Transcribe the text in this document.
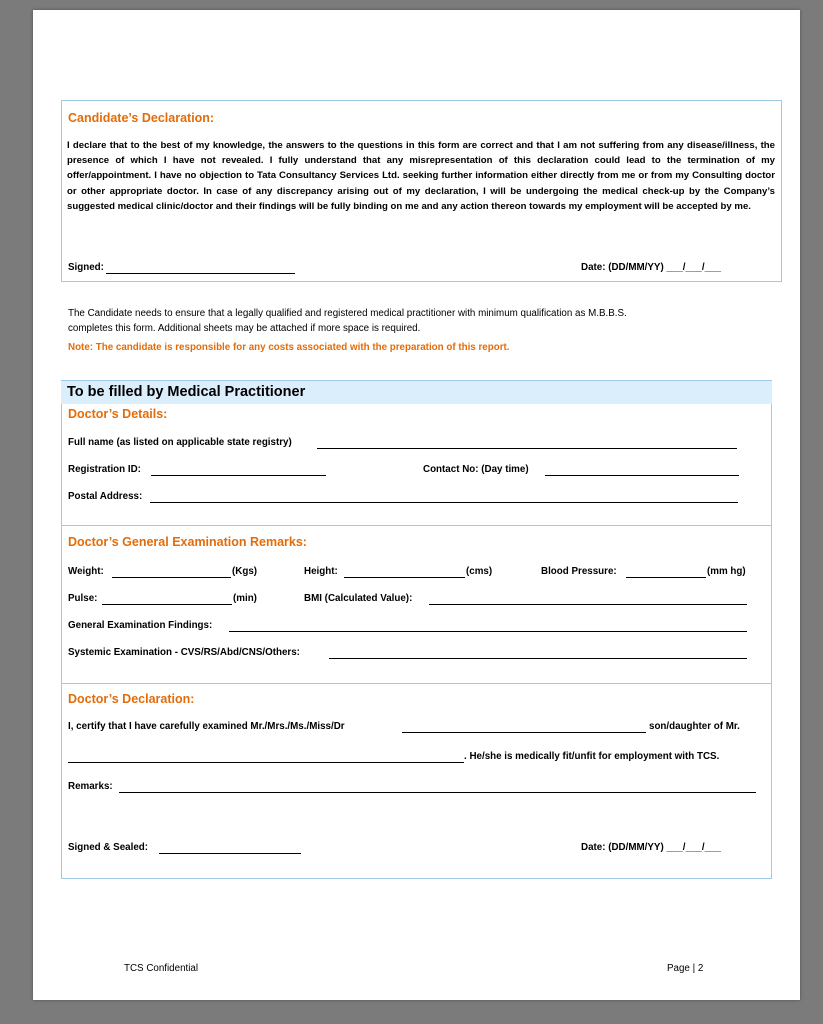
Candidate’s Declaration:
I declare that to the best of my knowledge, the answers to the questions in this form are correct and that I am not suffering from any disease/illness, the presence of which I have not revealed. I fully understand that any misrepresentation of this declaration could lead to the termination of my offer/appointment. I have no objection to Tata Consultancy Services Ltd. seeking further information either directly from me or from my Consulting doctor or other appropriate doctor. In case of any discrepancy arising out of my declaration, I will be undergoing the medical check-up by the Company’s suggested medical clinic/doctor and their findings will be fully binding on me and any action thereon towards my employment will be accepted by me.
Signed:	Date: (DD/MM/YY) ___/___/___
The Candidate needs to ensure that a legally qualified and registered medical practitioner with minimum qualification as M.B.B.S.
completes this form. Additional sheets may be attached if more space is required.
Note: The candidate is responsible for any costs associated with the preparation of this report.
To be filled by Medical Practitioner
Doctor’s Details:
Full name (as listed on applicable state registry)
Registration ID:	Contact No: (Day time)
Postal Address:
Doctor’s General Examination Remarks:
Weight:	(Kgs)	Height:	(cms)	Blood Pressure:	(mm hg)
Pulse:	(min)	BMI (Calculated Value):
General Examination Findings:
Systemic Examination - CVS/RS/Abd/CNS/Others:
Doctor’s Declaration:
I, certify that I have carefully examined Mr./Mrs./Ms./Miss/Dr	son/daughter of Mr.
. He/she is medically fit/unfit for employment with TCS.
Remarks:
Signed & Sealed:	Date: (DD/MM/YY) ___/___/___
TCS Confidential	Page | 2
